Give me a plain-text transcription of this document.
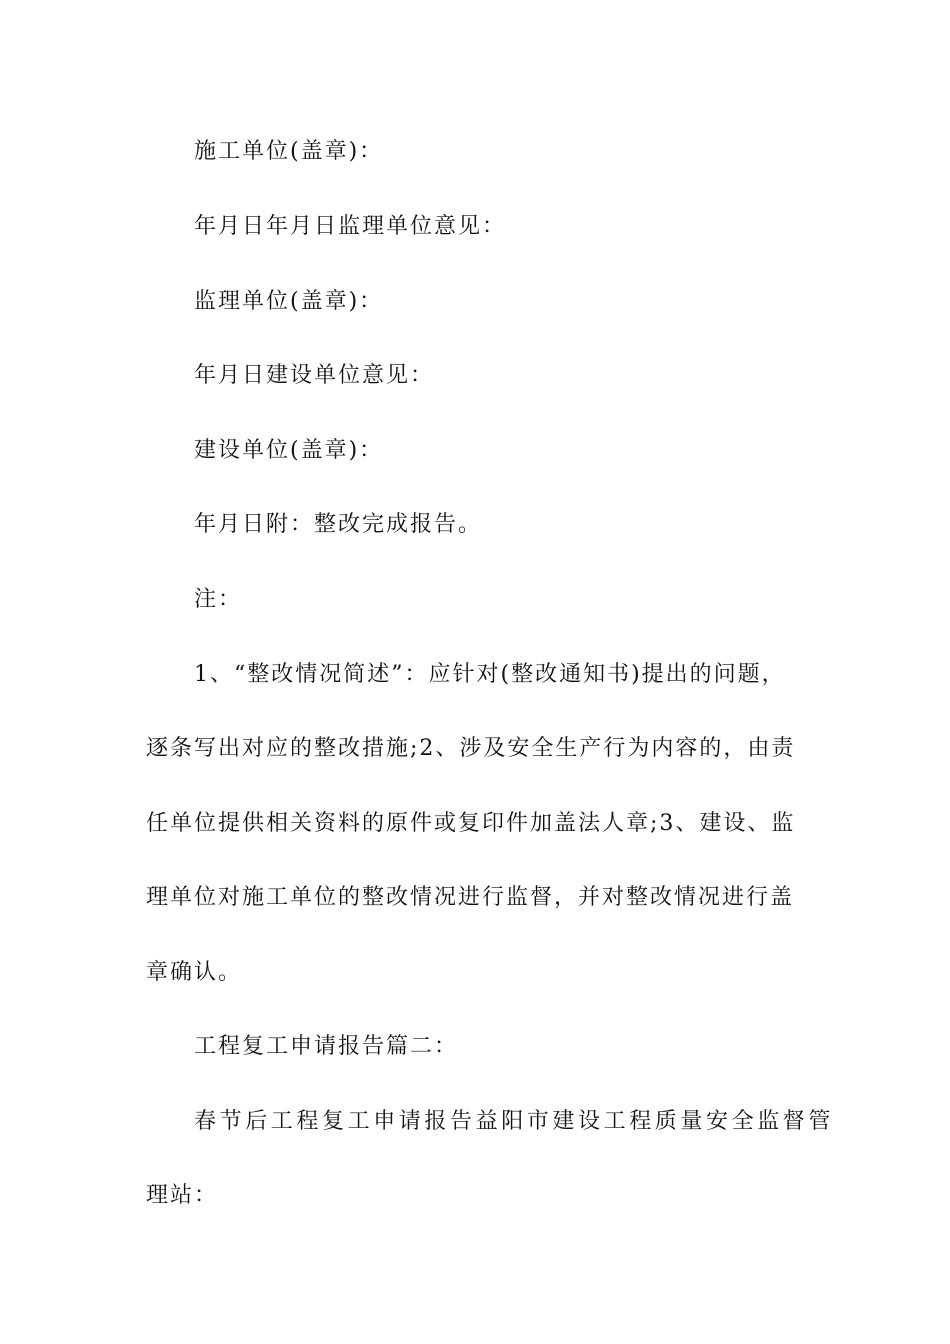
施工单位(盖章)：
年月日年月日监理单位意见：
监理单位(盖章)：
年月日建设单位意见：
建设单位(盖章)：
年月日附：整改完成报告。
注：
1、“整改情况简述”：应针对(整改通知书)提出的问题，
逐条写出对应的整改措施;2、涉及安全生产行为内容的，由责
任单位提供相关资料的原件或复印件加盖法人章;3、建设、监
理单位对施工单位的整改情况进行监督，并对整改情况进行盖
章确认。
工程复工申请报告篇二：
春节后工程复工申请报告益阳市建设工程质量安全监督管
理站：
